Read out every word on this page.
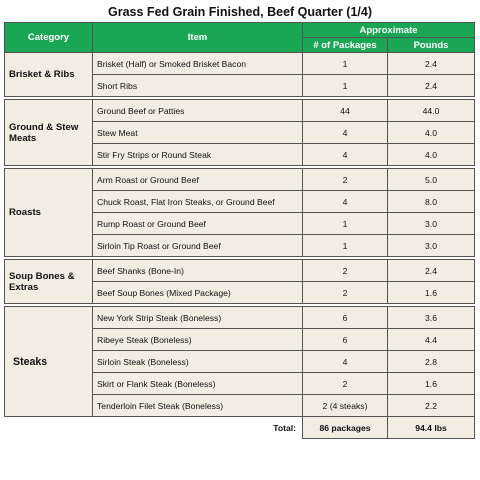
Grass Fed Grain Finished, Beef Quarter (1/4)
Category	Item	Approximate	
		# of Packages	Pounds
Brisket & Ribs	Brisket (Half) or Smoked Brisket Bacon	1	2.4
	Short Ribs	1	2.4

Ground & Stew Meats	Ground Beef or Patties	44	44.0
	Stew Meat	4	4.0
	Stir Fry Strips or Round Steak	4	4.0

Roasts	Arm Roast or Ground Beef	2	5.0
	Chuck Roast, Flat Iron Steaks, or Ground Beef	4	8.0
	Rump Roast or Ground Beef	1	3.0
	Sirloin Tip Roast or Ground Beef	1	3.0

Soup Bones & Extras	Beef Shanks (Bone-In)	2	2.4
	Beef Soup Bones (Mixed Package)	2	1.6

Steaks	New York Strip Steak (Boneless)	6	3.6
	Ribeye Steak (Boneless)	6	4.4
	Sirloin Steak (Boneless)	4	2.8
	Skirt or Flank Steak (Boneless)	2	1.6
	Tenderloin Filet Steak (Boneless)	2 (4 steaks)	2.2
	Total:	86 packages	94.4 lbs
